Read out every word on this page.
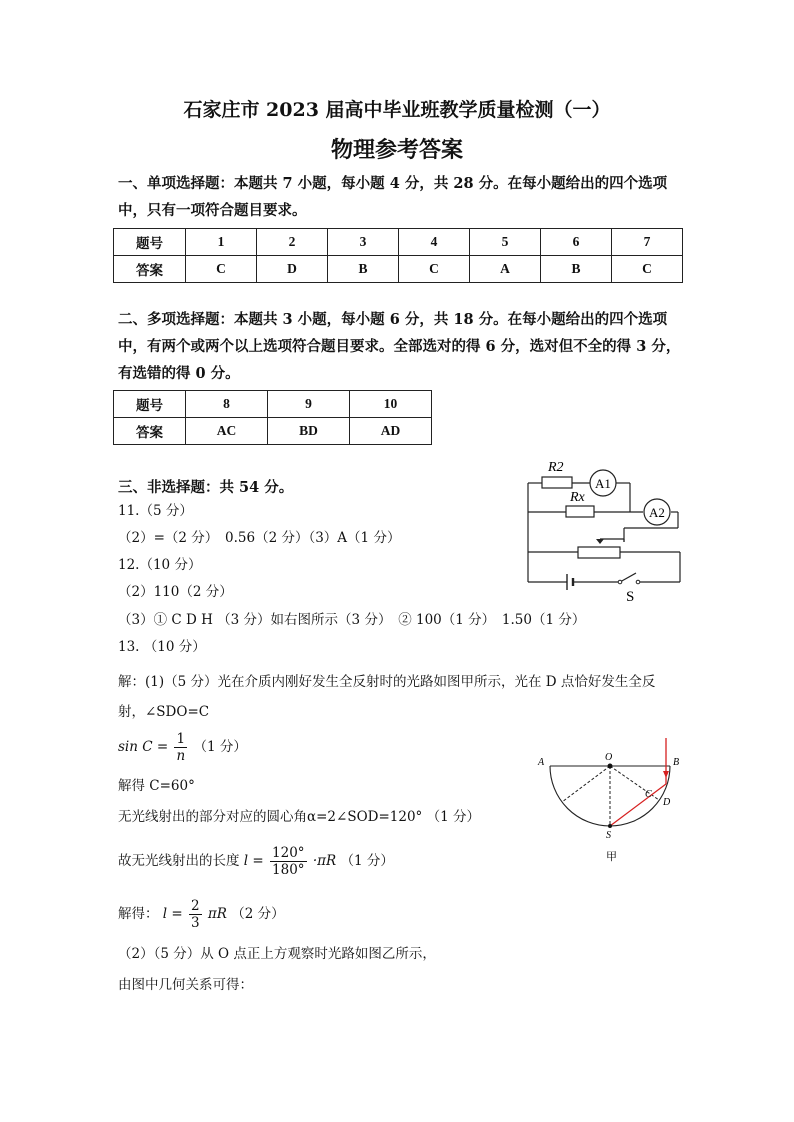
石家庄市 2023 届高中毕业班教学质量检测（一）
物理参考答案
一、单项选择题：本题共 7 小题，每小题 4 分，共 28 分。在每小题给出的四个选项中，只有一项符合题目要求。
题号	1	2	3	4	5	6	7
答案	C	D	B	C	A	B	C
二、多项选择题：本题共 3 小题，每小题 6 分，共 18 分。在每小题给出的四个选项中，有两个或两个以上选项符合题目要求。全部选对的得 6 分，选对但不全的得 3 分，有选错的得 0 分。
题号	8	9	10
答案	AC	BD	AD
三、非选择题：共 54 分。
11.（5 分）
（2）=（2 分）　0.56（2 分）（3）A（1 分）
12.（10 分）
（2）110（2 分）
（3）① C D H （3 分）如右图所示（3 分）　② 100（1 分）　1.50（1 分）
13. （10 分）
解：(1)（5 分）光在介质内刚好发生全反射时的光路如图甲所示，光在 D 点恰好发生全反
射，∠SDO=C
$\sin C = \frac{1}{n} (1$ 分）
解得 C=60°
无光线射出的部分对应的圆心角α=2∠SOD=120° （1 分）
故无光线射出的长度 $l = \frac{120^\circ}{180^\circ} \cdot\pi R$ （1 分）
解得： $l = \frac{2}{3}$ πR （2 分）
（2）（5 分）从 O 点正上方观察时光路如图乙所示，
由图中几何关系可得：
A1
A2
R2
Rx
S
A	O	B
C
D
S
甲
